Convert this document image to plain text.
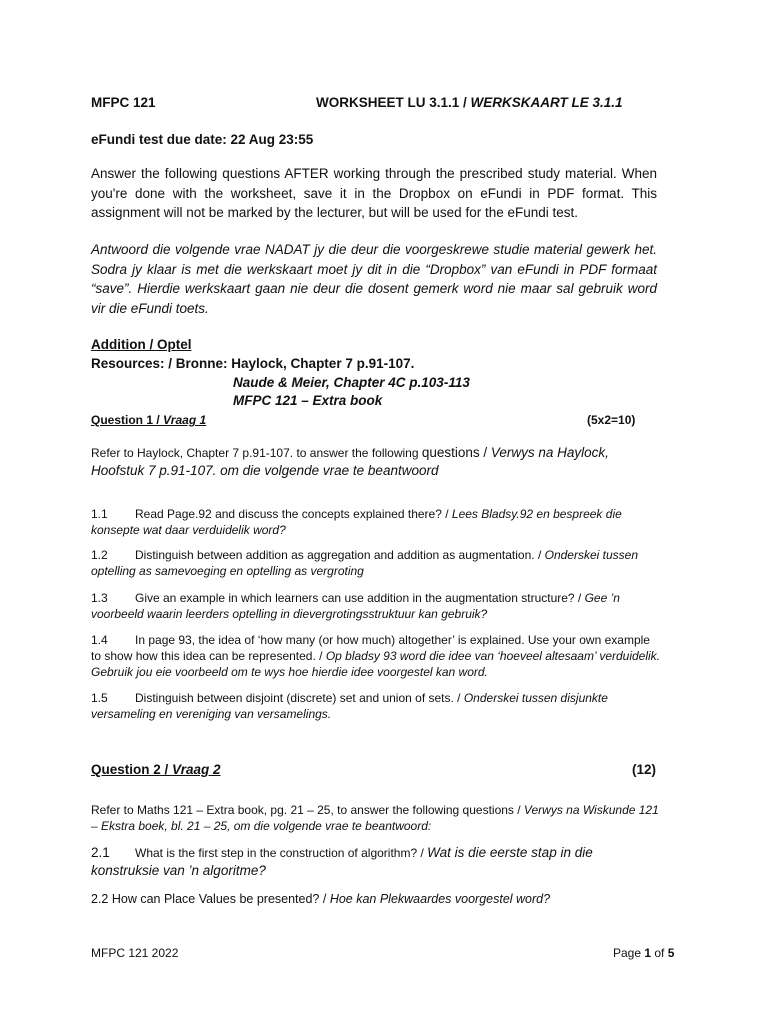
MFPC 121	WORKSHEET LU 3.1.1 / WERKSKAART LE 3.1.1
eFundi test due date: 22 Aug 23:55
Answer the following questions AFTER working through the prescribed study material. When you're done with the worksheet, save it in the Dropbox on eFundi in PDF format. This assignment will not be marked by the lecturer, but will be used for the eFundi test.
Antwoord die volgende vrae NADAT jy die deur die voorgeskrewe studie material gewerk het. Sodra jy klaar is met die werkskaart moet jy dit in die “Dropbox” van eFundi in PDF formaat “save”. Hierdie werkskaart gaan nie deur die dosent gemerk word nie maar sal gebruik word vir die eFundi toets.
Addition / Optel
Resources: / Bronne: Haylock, Chapter 7 p.91-107.
Naude & Meier, Chapter 4C p.103-113
MFPC 121 – Extra book
Question 1 / Vraag 1	(5x2=10)
Refer to Haylock, Chapter 7 p.91-107. to answer the following questions / Verwys na Haylock, Hoofstuk 7 p.91-107. om die volgende vrae te beantwoord
1.1 Read Page.92 and discuss the concepts explained there? / Lees Bladsy.92 en bespreek die konsepte wat daar verduidelik word?
1.2 Distinguish between addition as aggregation and addition as augmentation. / Onderskei tussen optelling as samevoeging en optelling as vergroting
1.3 Give an example in which learners can use addition in the augmentation structure? / Gee ’n voorbeeld waarin leerders optelling in dievergrotingsstruktuur kan gebruik?
1.4 In page 93, the idea of ‘how many (or how much) altogether’ is explained. Use your own example to show how this idea can be represented. / Op bladsy 93 word die idee van ‘hoeveel altesaam’ verduidelik. Gebruik jou eie voorbeeld om te wys hoe hierdie idee voorgestel kan word.
1.5 Distinguish between disjoint (discrete) set and union of sets. / Onderskei tussen disjunkte versameling en vereniging van versamelings.
Question 2 / Vraag 2	(12)
Refer to Maths 121 – Extra book, pg. 21 – 25, to answer the following questions / Verwys na Wiskunde 121 – Ekstra boek, bl. 21 – 25, om die volgende vrae te beantwoord:
2.1 What is the first step in the construction of algorithm? / Wat is die eerste stap in die konstruksie van ’n algoritme?
2.2 How can Place Values be presented? / Hoe kan Plekwaardes voorgestel word?
MFPC 121 2022	Page 1 of 5
